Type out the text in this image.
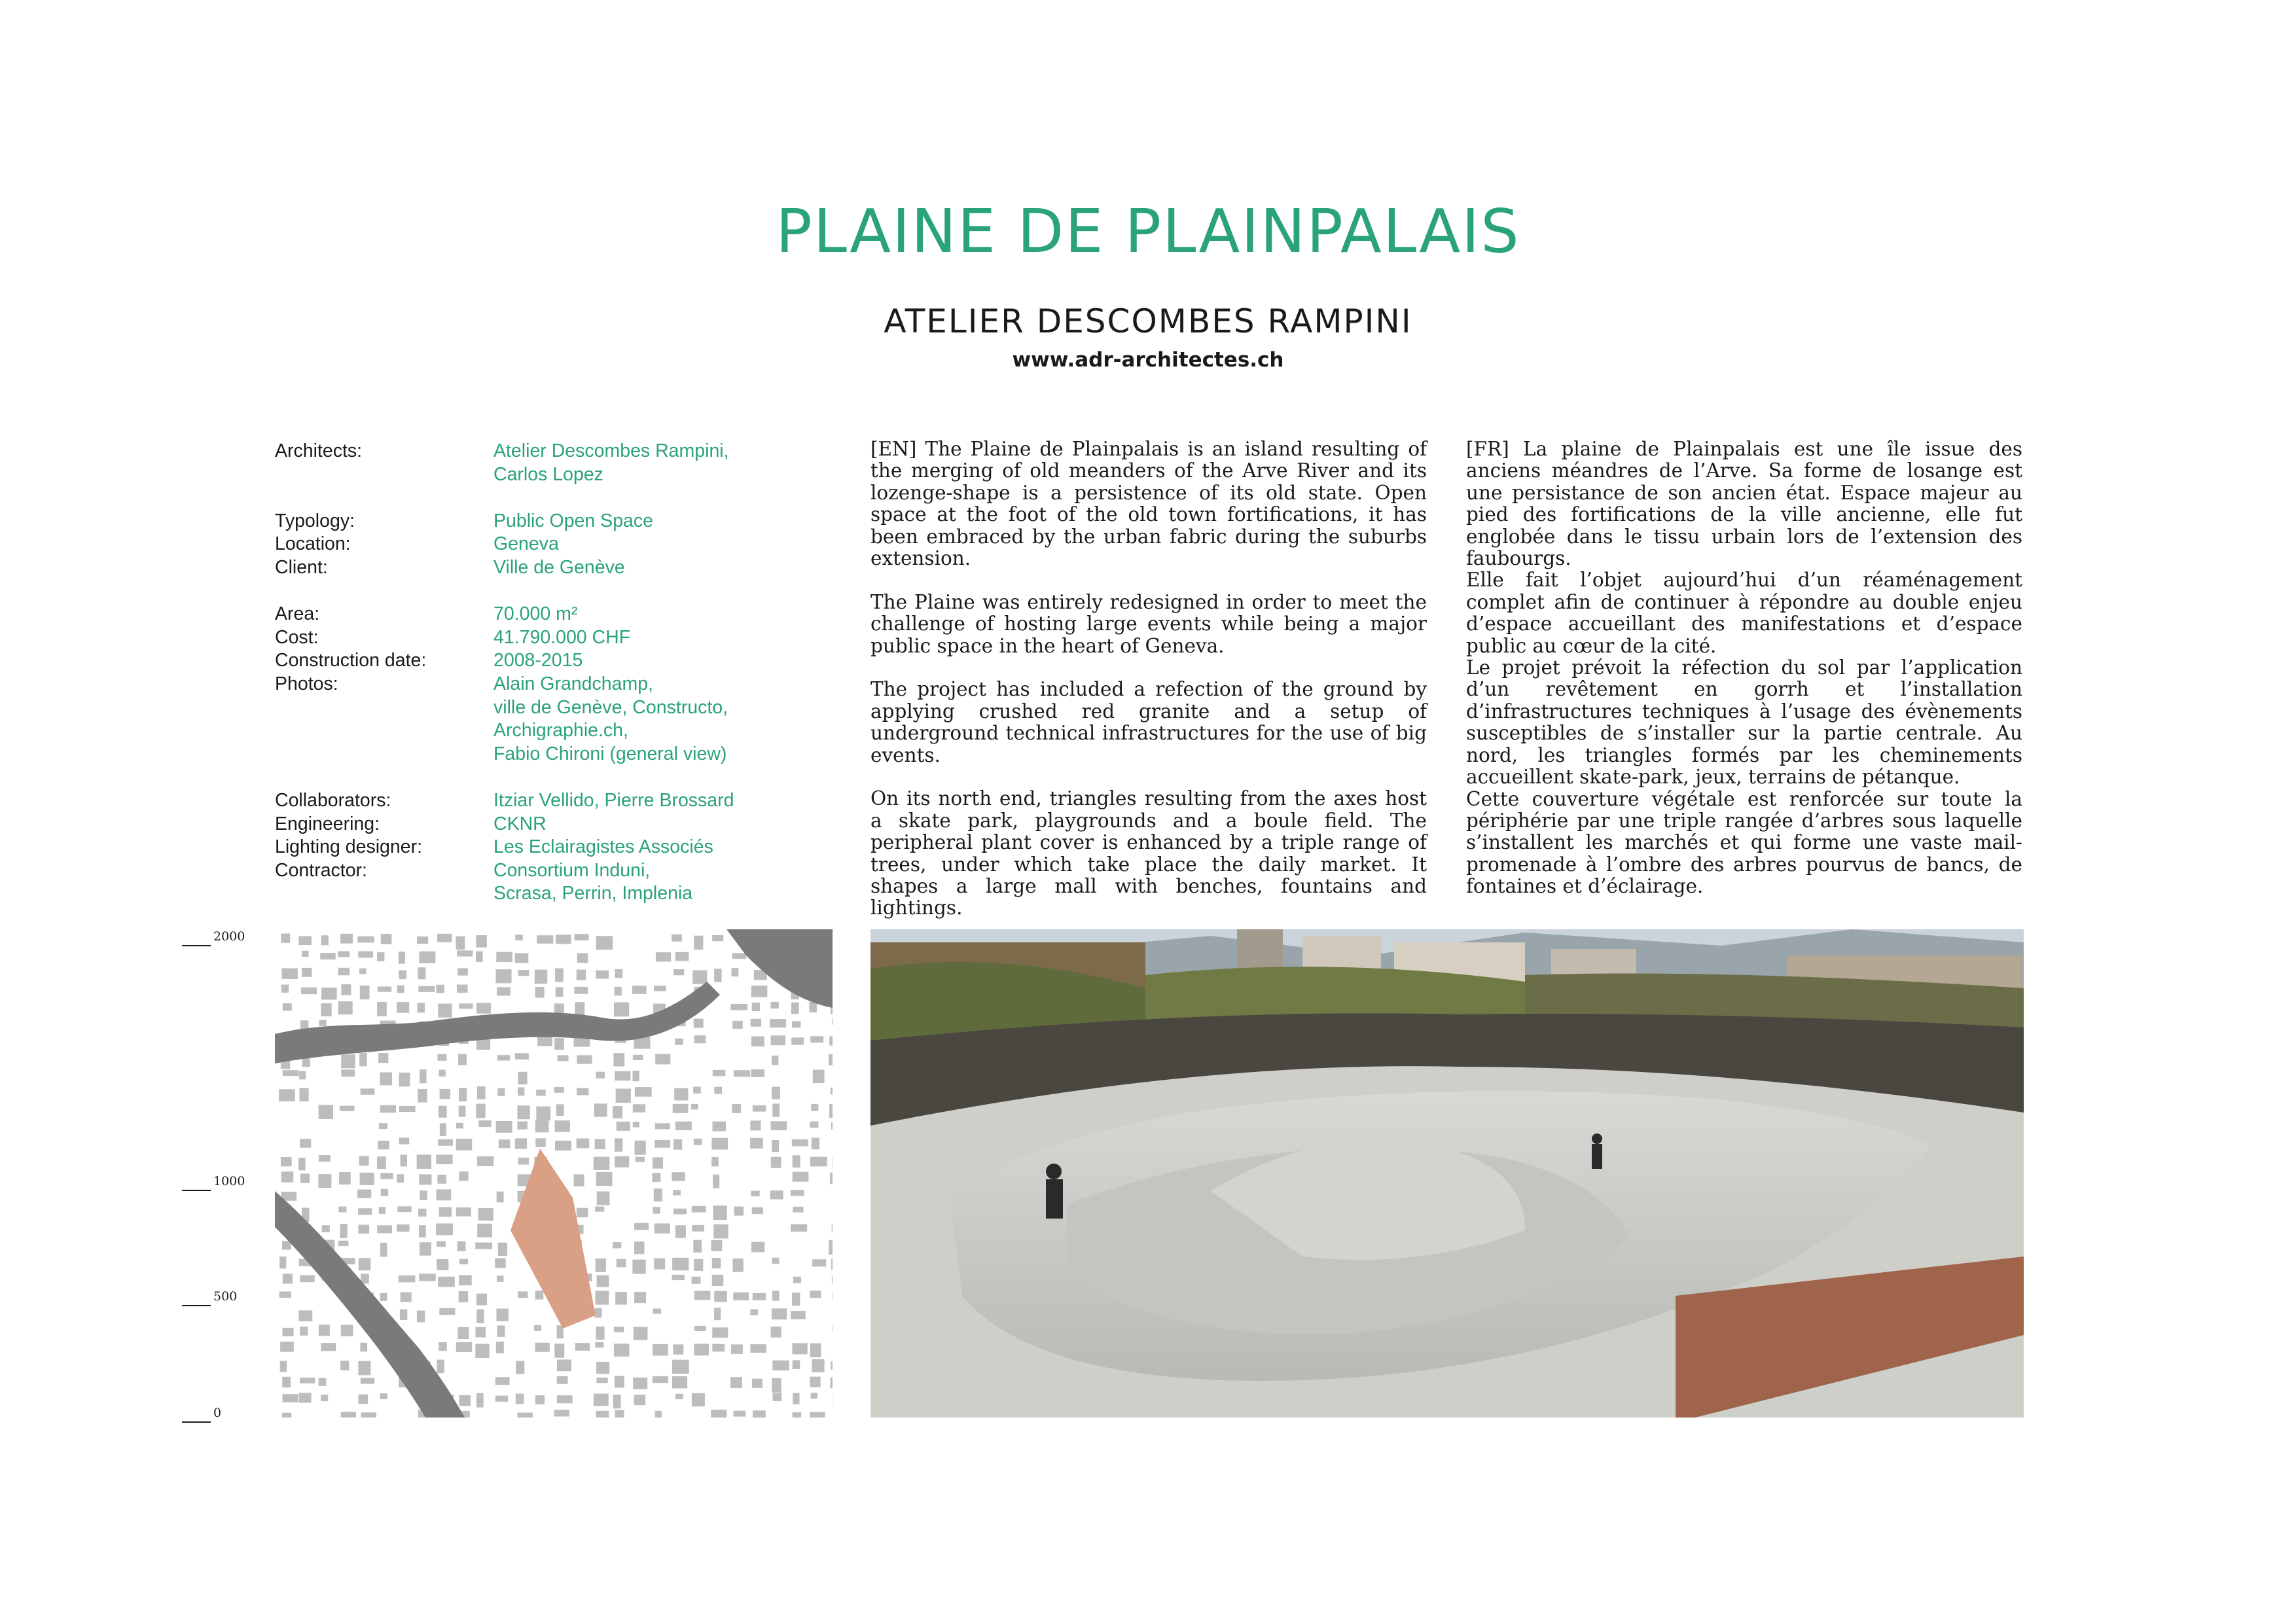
PLAINE DE PLAINPALAIS
ATELIER DESCOMBES RAMPINI
www.adr-architectes.ch
Architects:	Atelier Descombes Rampini,
Carlos Lopez
Typology:	Public Open Space
Location:	Geneva
Client:	Ville de Genève
Area:	70.000 m²
Cost:	41.790.000 CHF
Construction date:	2008-2015
Photos:	Alain Grandchamp,
ville de Genève, Constructo,
Archigraphie.ch,
Fabio Chironi (general view)
Collaborators:	Itziar Vellido, Pierre Brossard
Engineering:	CKNR
Lighting designer:	Les Eclairagistes Associés
Contractor:	Consortium Induni,
Scrasa, Perrin, Implenia

[EN] The Plaine de Plainpalais is an island resulting of the merging of old meanders of the Arve River and its lozenge-shape is a persistence of its old state. Open space at the foot of the old town fortifications, it has been embraced by the urban fabric during the suburbs extension.

The Plaine was entirely redesigned in order to meet the challenge of hosting large events while being a major public space in the heart of Geneva.

The project has included a refection of the ground by applying crushed red granite and a setup of underground technical infrastructures for the use of big events.

On its north end, triangles resulting from the axes host a skate park, playgrounds and a boule field. The peripheral plant cover is enhanced by a triple range of trees, under which take place the daily market. It shapes a large mall with benches, fountains and lightings.

[FR] La plaine de Plainpalais est une île issue des anciens méandres de l’Arve. Sa forme de losange est une persistance de son ancien état. Espace majeur au pied des fortifications de la ville ancienne, elle fut englobée dans le tissu urbain lors de l’extension des faubourgs.

Elle fait l’objet aujourd’hui d’un réaménagement complet afin de continuer à répondre au double enjeu d’espace accueillant des manifestations et d’espace public au cœur de la cité.

Le projet prévoit la réfection du sol par l’application d’un revêtement en gorrh et l’installation d’infrastructures techniques à l’usage des évènements susceptibles de s’installer sur la partie centrale. Au nord, les triangles formés par les cheminements accueillent skate-park, jeux, terrains de pétanque.

Cette couverture végétale est renforcée sur toute la périphérie par une triple rangée d’arbres sous laquelle s’installent les marchés et qui forme une vaste mail-promenade à l’ombre des arbres pourvus de bancs, de fontaines et d’éclairage.

2000
1000
500
0
